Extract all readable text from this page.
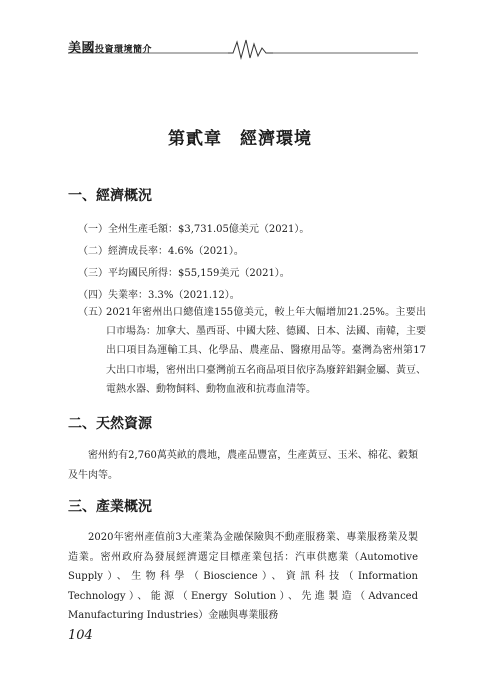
美國投資環境簡介
第貳章　經濟環境
一、經濟概況
（一）全州生產毛額：$3,731.05億美元（2021）。
（二）經濟成長率：4.6%（2021）。
（三）平均國民所得：$55,159美元（2021）。
（四）失業率：3.3%（2021.12）。
（五）
2021年密州出口總值達155億美元，較上年大幅增加21.25%。主要出口市場為：加拿大、墨西哥、中國大陸、德國、日本、法國、南韓，主要出口項目為運輸工具、化學品、農產品、醫療用品等。臺灣為密州第17大出口市場，密州出口臺灣前五名商品項目依序為廢鋅鋁銅金屬、黃豆、電熱水器、動物飼料、動物血液和抗毒血清等。
二、天然資源
密州約有2,760萬英畝的農地，農產品豐富，生產黃豆、玉米、棉花、穀類及牛肉等。
三、產業概況
2020年密州產值前3大產業為金融保險與不動產服務業、專業服務業及製造業。密州政府為發展經濟選定目標產業包括：汽車供應業（Automotive Supply）、生物科學（Bioscience）、資訊科技（Information Technology）、能源（Energy Solution）、先進製造（Advanced Manufacturing Industries）金融與專業服務
104
